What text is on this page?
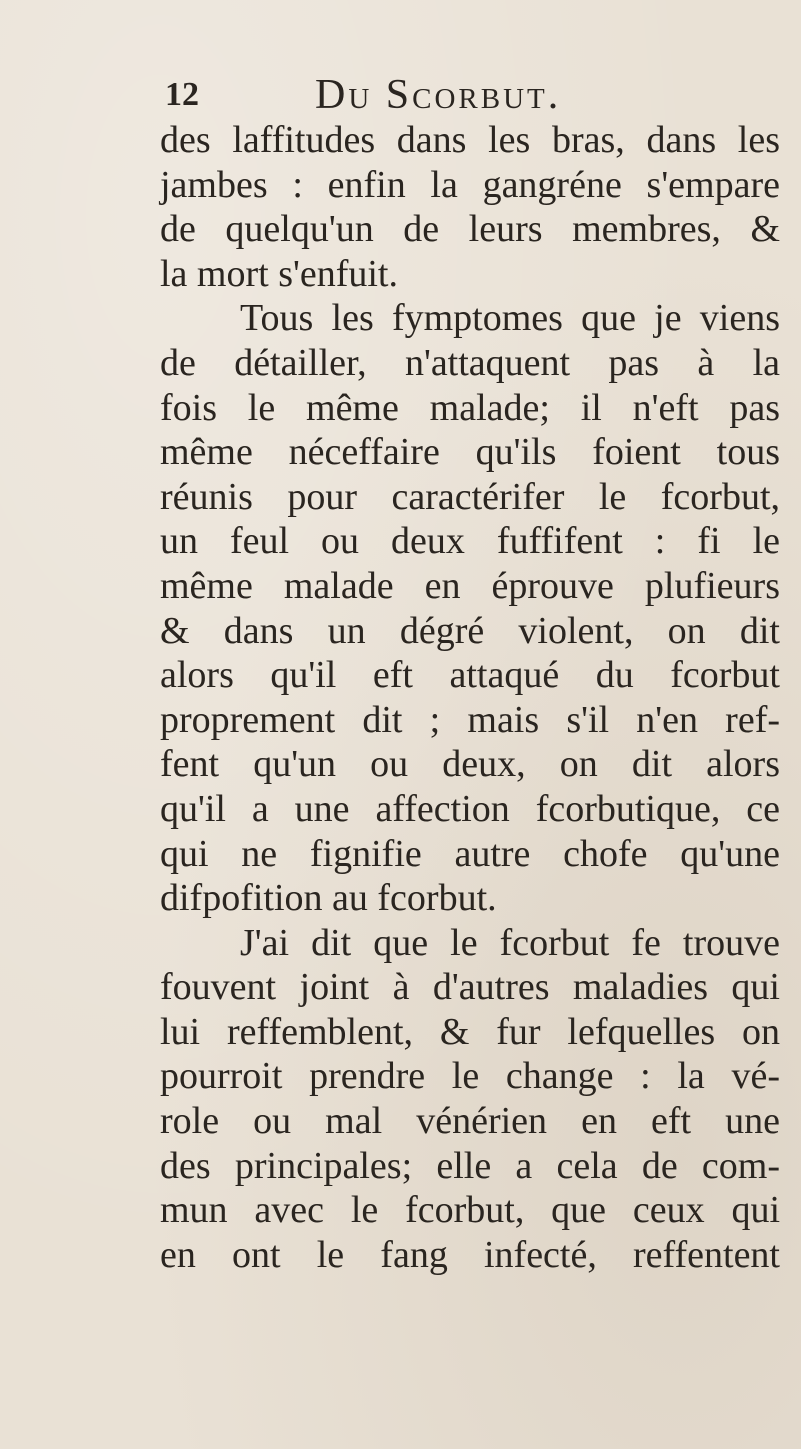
12	Du Scorbut.
des laffitudes dans les bras, dans les
jambes : enfin la gangréne s'empare
de quelqu'un de leurs membres, &
la mort s'enfuit.
Tous les fymptomes que je viens
de détailler, n'attaquent pas à la
fois le même malade; il n'eft pas
même néceffaire qu'ils foient tous
réunis pour caractérifer le fcorbut,
un feul ou deux fuffifent : fi le
même malade en éprouve plufieurs
& dans un dégré violent, on dit
alors qu'il eft attaqué du fcorbut
proprement dit ; mais s'il n'en ref-
fent qu'un ou deux, on dit alors
qu'il a une affection fcorbutique, ce
qui ne fignifie autre chofe qu'une
difpofition au fcorbut.
J'ai dit que le fcorbut fe trouve
fouvent joint à d'autres maladies qui
lui reffemblent, & fur lefquelles on
pourroit prendre le change : la vé-
role ou mal vénérien en eft une
des principales; elle a cela de com-
mun avec le fcorbut, que ceux qui
en ont le fang infecté, reffentent
